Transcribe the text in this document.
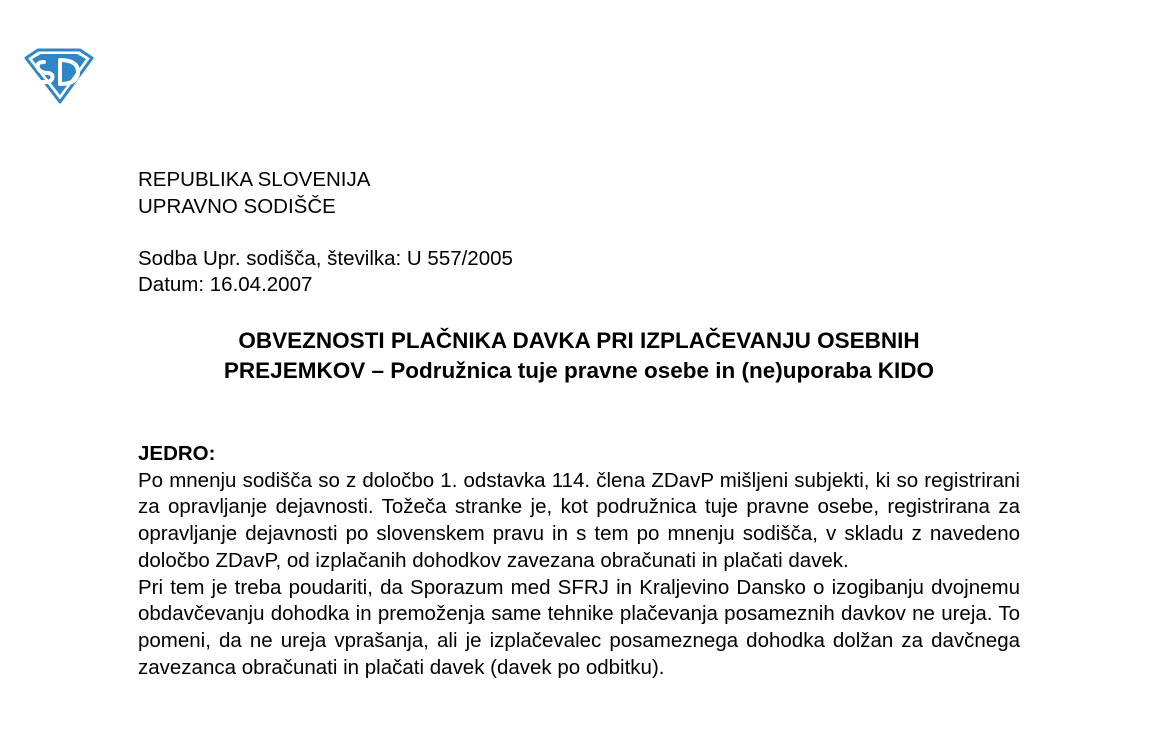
REPUBLIKA SLOVENIJA
UPRAVNO SODIŠČE
Sodba Upr. sodišča, številka: U 557/2005
Datum: 16.04.2007
OBVEZNOSTI PLAČNIKA DAVKA PRI IZPLAČEVANJU OSEBNIH
PREJEMKOV – Podružnica tuje pravne osebe in (ne)uporaba KIDO
JEDRO:

Po mnenju sodišča so z določbo 1. odstavka 114. člena ZDavP mišljeni subjekti, ki so registrirani za opravljanje dejavnosti. Tožeča stranke je, kot podružnica tuje pravne osebe, registrirana za opravljanje dejavnosti po slovenskem pravu in s tem po mnenju sodišča, v skladu z navedeno določbo ZDavP, od izplačanih dohodkov zavezana obračunati in plačati davek.

Pri tem je treba poudariti, da Sporazum med SFRJ in Kraljevino Dansko o izogibanju dvojnemu obdavčevanju dohodka in premoženja same tehnike plačevanja posameznih davkov ne ureja. To pomeni, da ne ureja vprašanja, ali je izplačevalec posameznega dohodka dolžan za davčnega zavezanca obračunati in plačati davek (davek po odbitku).
